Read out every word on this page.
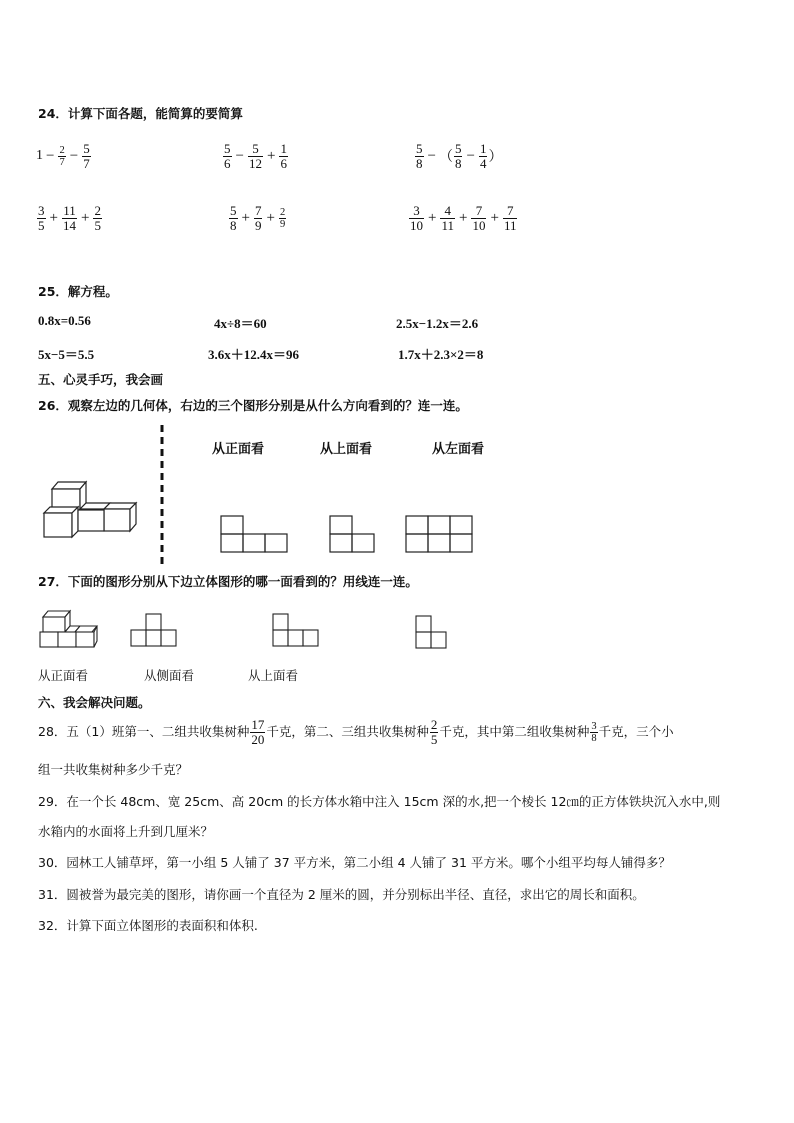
24．计算下面各题，能简算的要简算
$1 - \frac{2}{7} - \frac{5}{7}$	$\frac{5}{6} - \frac{5}{12} + \frac{1}{6}$	$\frac{5}{8}$ − （ $\frac{5}{8} - \frac{1}{4}$ ）
$\frac{3}{5} + \frac{11}{14} + \frac{2}{5}$	$\frac{5}{8} + \frac{7}{9} + \frac{2}{9}$	$\frac{3}{10} + \frac{4}{11} + \frac{7}{10} + \frac{7}{11}$
25．解方程。
0.8x=0.56	4x÷8＝60	2.5x−1.2x＝2.6
5x−5＝5.5	3.6x＋12.4x＝96	1.7x＋2.3×2＝8
五、心灵手巧，我会画
26．观察左边的几何体，右边的三个图形分别是从什么方向看到的？连一连。
从正面看	从上面看	从左面看
27．下面的图形分别从下边立体图形的哪一面看到的？用线连一连。
从正面看	从侧面看	从上面看
六、我会解决问题。
28．五（1）班第一、二组共收集树种 $\frac{17}{20}$ 千克，第二、三组共收集树种 $\frac{2}{5}$ 千克，其中第二组收集树种 $\frac{3}{8}$ 千克，三个小
组一共收集树种多少千克？
29．在一个长 48cm、宽 25cm、高 20cm 的长方体水箱中注入 15cm 深的水,把一个棱长 12㎝的正方体铁块沉入水中,则
水箱内的水面将上升到几厘米？
30．园林工人铺草坪，第一小组 5 人铺了 37 平方米，第二小组 4 人铺了 31 平方米。哪个小组平均每人铺得多？
31．圆被誉为最完美的图形，请你画一个直径为 2 厘米的圆，并分别标出半径、直径，求出它的周长和面积。
32．计算下面立体图形的表面积和体积.
